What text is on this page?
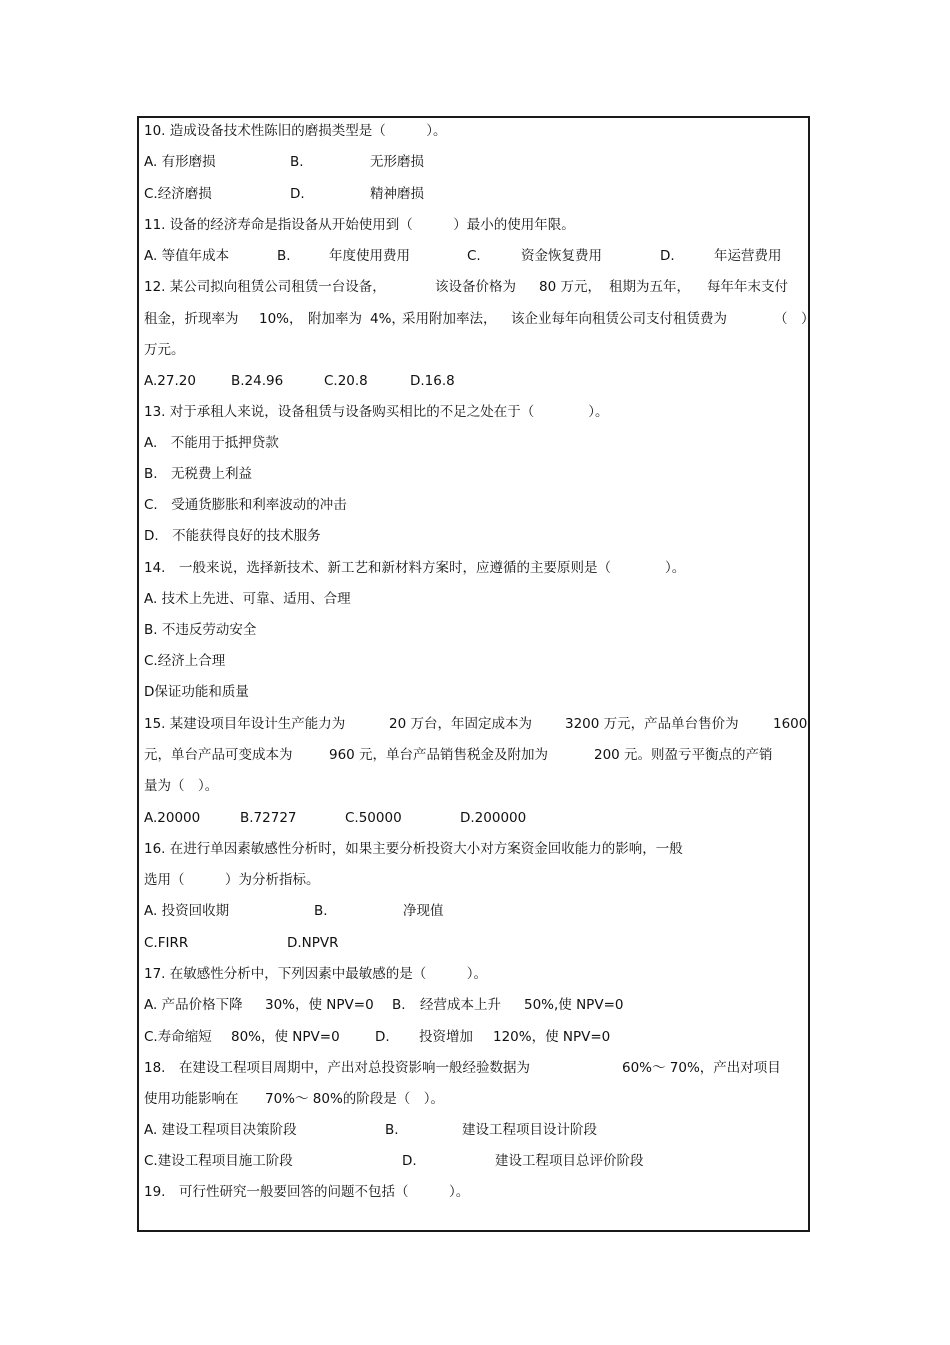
10. 造成设备技术性陈旧的磨损类型是（　　　）。
A. 有形磨损	B.	无形磨损
C.经济磨损	D.	精神磨损
11. 设备的经济寿命是指设备从开始使用到（　　　）最小的使用年限。
A. 等值年成本	B.	年度使用费用	C.	资金恢复费用	D.	年运营费用
12. 某公司拟向租赁公司租赁一台设备，	该设备价格为 80 万元， 租期为五年， 每年年末支付
租金，折现率为 10%， 附加率为 4%，
采用附加率法， 该企业每年向租赁公司支付租赁费为	（　）
万元。
A.27.20	B.24.96	C.20.8	D.16.8
13. 对于承租人来说，设备租赁与设备购买相比的不足之处在于（　　　　）。
A.　不能用于抵押贷款
B.　无税费上利益
C.　受通货膨胀和利率波动的冲击
D.　不能获得良好的技术服务
14.　一般来说，选择新技术、新工艺和新材料方案时，应遵循的主要原则是（　　　　）。
A. 技术上先进、可靠、适用、合理
B. 不违反劳动安全
C.经济上合理
D保证功能和质量
15. 某建设项目年设计生产能力为	20 万台，年固定成本为 3200 万元，产品单台售价为	1600
元，单台产品可变成本为	960 元，单台产品销售税金及附加为	200 元。则盈亏平衡点的产销
量为（　）。
A.20000	B.72727	C.50000	D.200000
16. 在进行单因素敏感性分析时，如果主要分析投资大小对方案资金回收能力的影响，一般
选用（　　　）为分析指标。
A. 投资回收期	B.	净现值
C.FIRR	D.NPVR
17. 在敏感性分析中，下列因素中最敏感的是（　　　）。
A. 产品价格下降 30%，使 NPV=0 B. 经营成本上升 50%,使 NPV=0
C.寿命缩短 80%，使 NPV=0	D. 投资增加 120%，使 NPV=0
18.　在建设工程项目周期中，产出对总投资影响一般经验数据为	60%～ 70%，产出对项目
使用功能影响在 70%～ 80%的阶段是（　）。
A. 建设工程项目决策阶段	B.	建设工程项目设计阶段
C.建设工程项目施工阶段	D.	建设工程项目总评价阶段
19.　可行性研究一般要回答的问题不包括（　　　）。
